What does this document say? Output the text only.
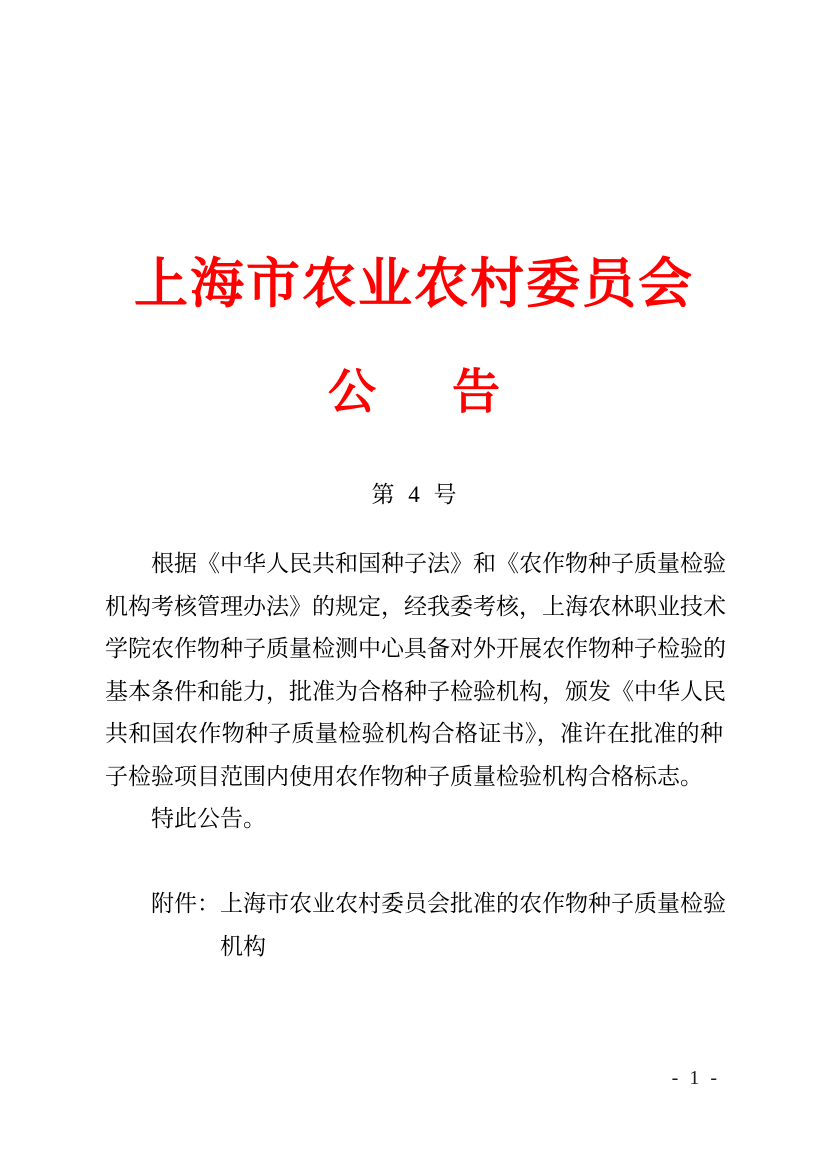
上海市农业农村委员会
公 告
第 4 号
根据《中华人民共和国种子法》和《农作物种子质量检验
机构考核管理办法》的规定，经我委考核，上海农林职业技术
学院农作物种子质量检测中心具备对外开展农作物种子检验的
基本条件和能力，批准为合格种子检验机构，颁发《中华人民
共和国农作物种子质量检验机构合格证书》，准许在批准的种
子检验项目范围内使用农作物种子质量检验机构合格标志。
特此公告。
附件： 上海市农业农村委员会批准的农作物种子质量检验
机构
- 1 -
